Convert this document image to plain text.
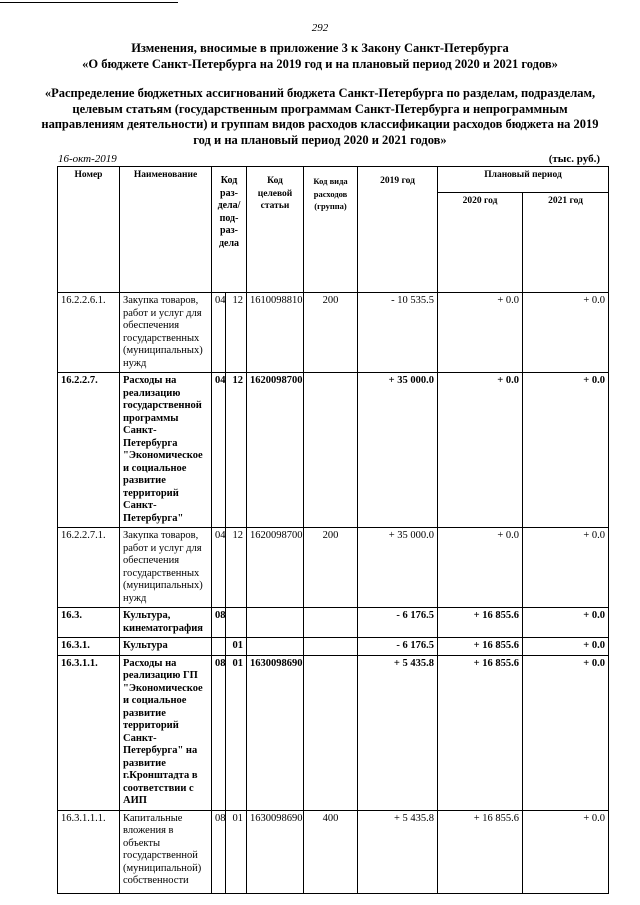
292
Изменения, вносимые в приложение 3 к Закону Санкт-Петербурга
«О бюджете Санкт-Петербурга на 2019 год и на плановый период 2020 и 2021 годов»
«Распределение бюджетных ассигнований бюджета Санкт-Петербурга по разделам, подразделам, целевым статьям (государственным программам Санкт-Петербурга и непрограммным направлениям деятельности) и группам видов расходов классификации расходов бюджета на 2019 год и на плановый период 2020 и 2021 годов»
16-окт-2019	(тыс. руб.)
Номер	Наименование	Код раз-дела/ под-раз-дела		Код целевой статьи	Код вида расходов (группа)	2019 год	Плановый период	
							2020 год	2021 год
16.2.2.6.1.	Закупка товаров, работ и услуг для обеспечения государственных (муниципальных) нужд	04	12	1610098810	200	- 10 535.5	+ 0.0	+ 0.0
16.2.2.7.	Расходы на реализацию государственной программы Санкт-Петербурга "Экономическое и социальное развитие территорий Санкт-Петербурга"	04	12	1620098700		+ 35 000.0	+ 0.0	+ 0.0
16.2.2.7.1.	Закупка товаров, работ и услуг для обеспечения государственных (муниципальных) нужд	04	12	1620098700	200	+ 35 000.0	+ 0.0	+ 0.0
16.3.	Культура, кинематография	08				- 6 176.5	+ 16 855.6	+ 0.0
16.3.1.	Культура		01			- 6 176.5	+ 16 855.6	+ 0.0
16.3.1.1.	Расходы на реализацию ГП "Экономическое и социальное развитие территорий Санкт-Петербурга" на развитие г.Кронштадта в соответствии с АИП	08	01	1630098690		+ 5 435.8	+ 16 855.6	+ 0.0
16.3.1.1.1.	Капитальные вложения в объекты государственной (муниципальной) собственности	08	01	1630098690	400	+ 5 435.8	+ 16 855.6	+ 0.0
